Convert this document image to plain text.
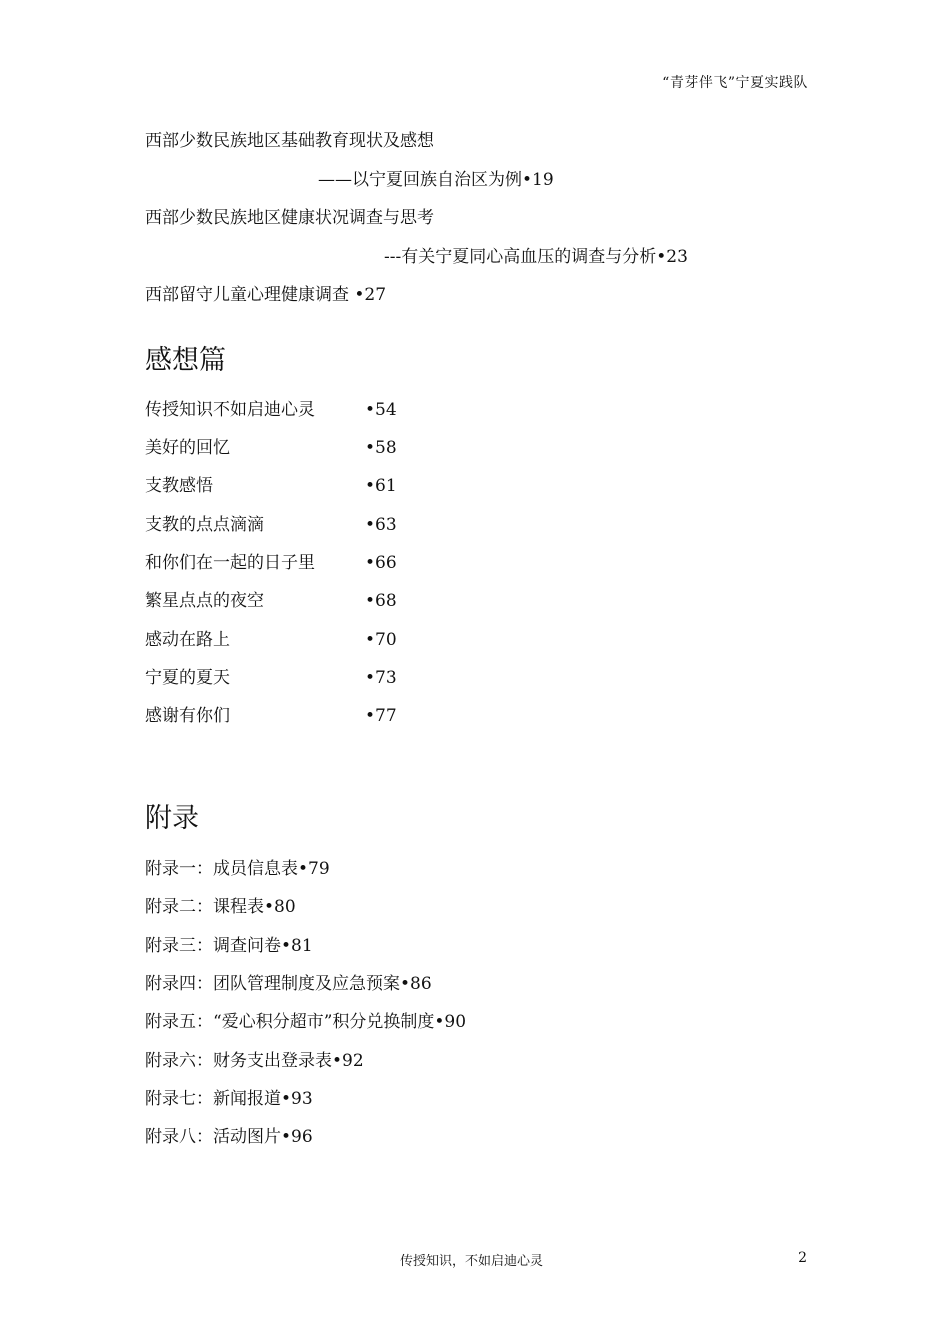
“青芽伴飞”宁夏实践队
西部少数民族地区基础教育现状及感想
——以宁夏回族自治区为例•19
西部少数民族地区健康状况调查与思考
---有关宁夏同心高血压的调查与分析•23
西部留守儿童心理健康调查 •27
感想篇
传授知识不如启迪心灵	•54
美好的回忆	•58
支教感悟	•61
支教的点点滴滴	•63
和你们在一起的日子里	•66
繁星点点的夜空	•68
感动在路上	•70
宁夏的夏天	•73
感谢有你们	•77
附录
附录一：成员信息表•79
附录二：课程表•80
附录三：调查问卷•81
附录四：团队管理制度及应急预案•86
附录五：“爱心积分超市”积分兑换制度•90
附录六：财务支出登录表•92
附录七：新闻报道•93
附录八：活动图片•96
传授知识，不如启迪心灵	2
